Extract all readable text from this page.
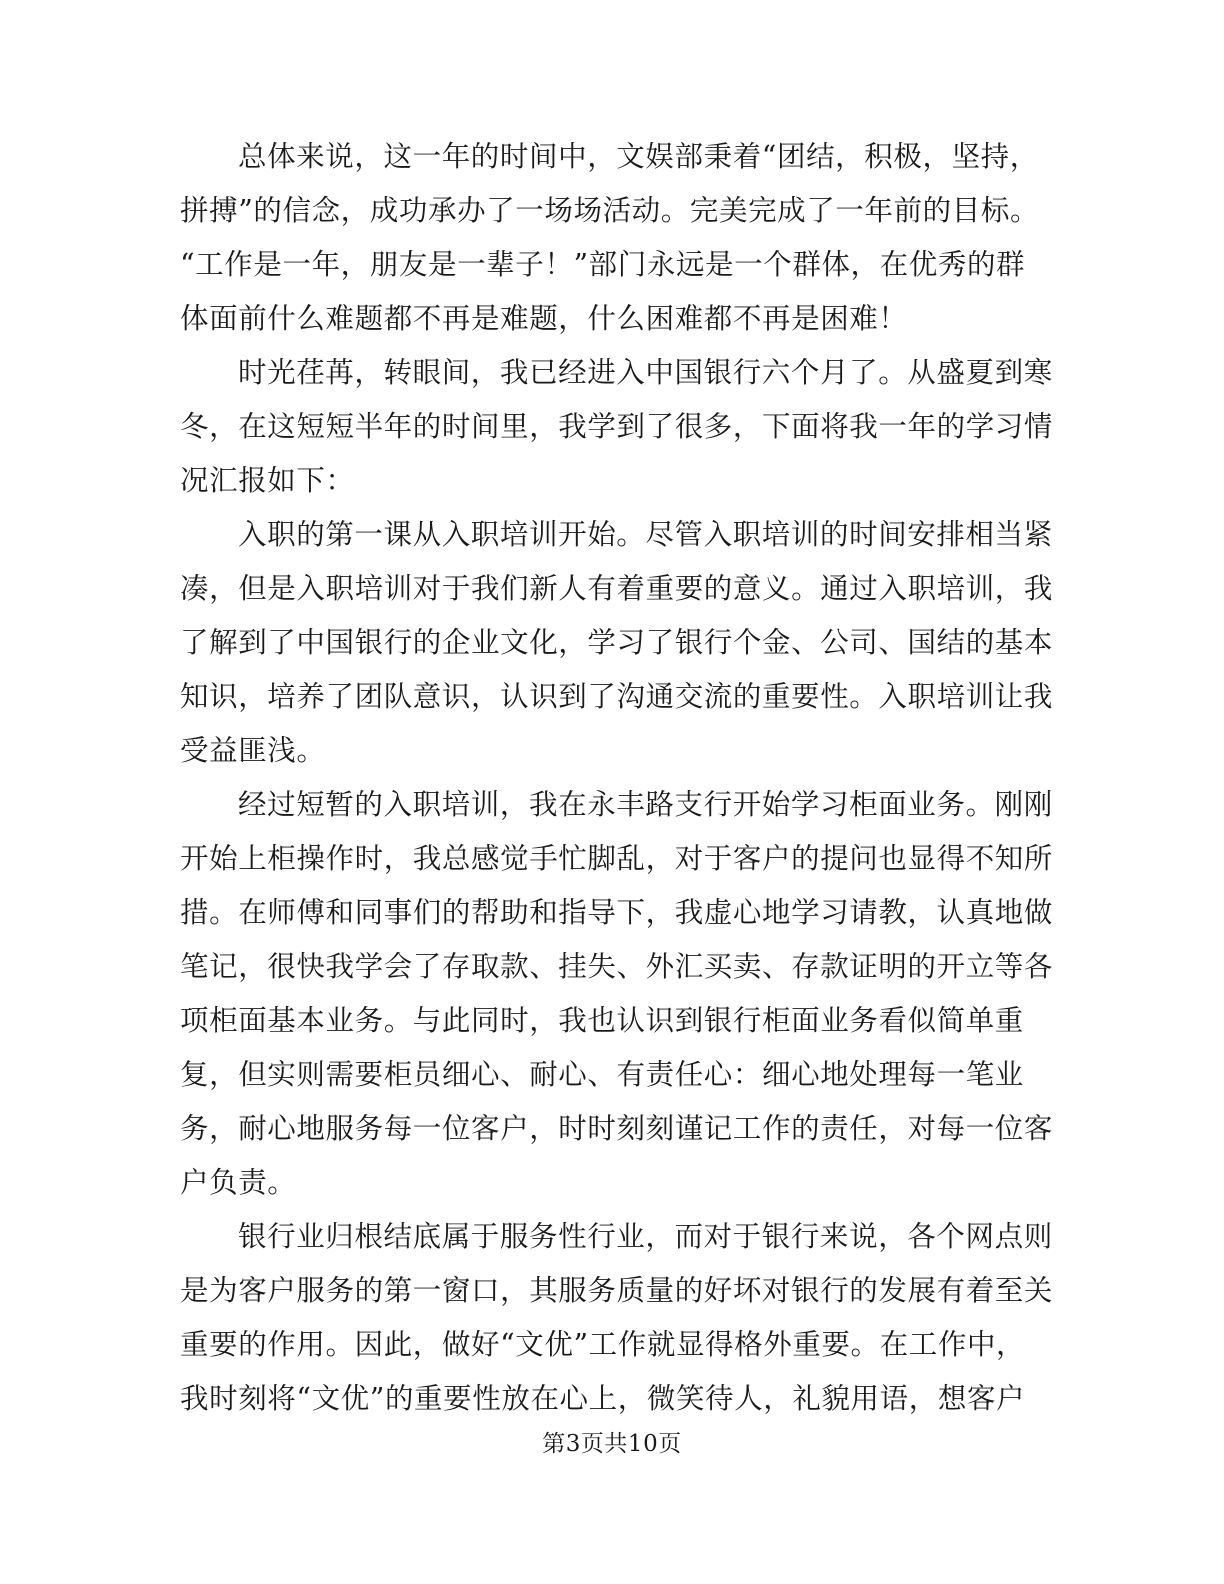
总体来说，这一年的时间中，文娱部秉着“团结，积极，坚持，
拼搏”的信念，成功承办了一场场活动。完美完成了一年前的目标。
“工作是一年，朋友是一辈子！”部门永远是一个群体，在优秀的群
体面前什么难题都不再是难题，什么困难都不再是困难！
时光荏苒，转眼间，我已经进入中国银行六个月了。从盛夏到寒
冬，在这短短半年的时间里，我学到了很多，下面将我一年的学习情
况汇报如下：
入职的第一课从入职培训开始。尽管入职培训的时间安排相当紧
凑，但是入职培训对于我们新人有着重要的意义。通过入职培训，我
了解到了中国银行的企业文化，学习了银行个金、公司、国结的基本
知识，培养了团队意识，认识到了沟通交流的重要性。入职培训让我
受益匪浅。
经过短暂的入职培训，我在永丰路支行开始学习柜面业务。刚刚
开始上柜操作时，我总感觉手忙脚乱，对于客户的提问也显得不知所
措。在师傅和同事们的帮助和指导下，我虚心地学习请教，认真地做
笔记，很快我学会了存取款、挂失、外汇买卖、存款证明的开立等各
项柜面基本业务。与此同时，我也认识到银行柜面业务看似简单重
复，但实则需要柜员细心、耐心、有责任心：细心地处理每一笔业
务，耐心地服务每一位客户，时时刻刻谨记工作的责任，对每一位客
户负责。
银行业归根结底属于服务性行业，而对于银行来说，各个网点则
是为客户服务的第一窗口，其服务质量的好坏对银行的发展有着至关
重要的作用。因此，做好“文优”工作就显得格外重要。在工作中，
我时刻将“文优”的重要性放在心上，微笑待人，礼貌用语，想客户
第3页共10页
